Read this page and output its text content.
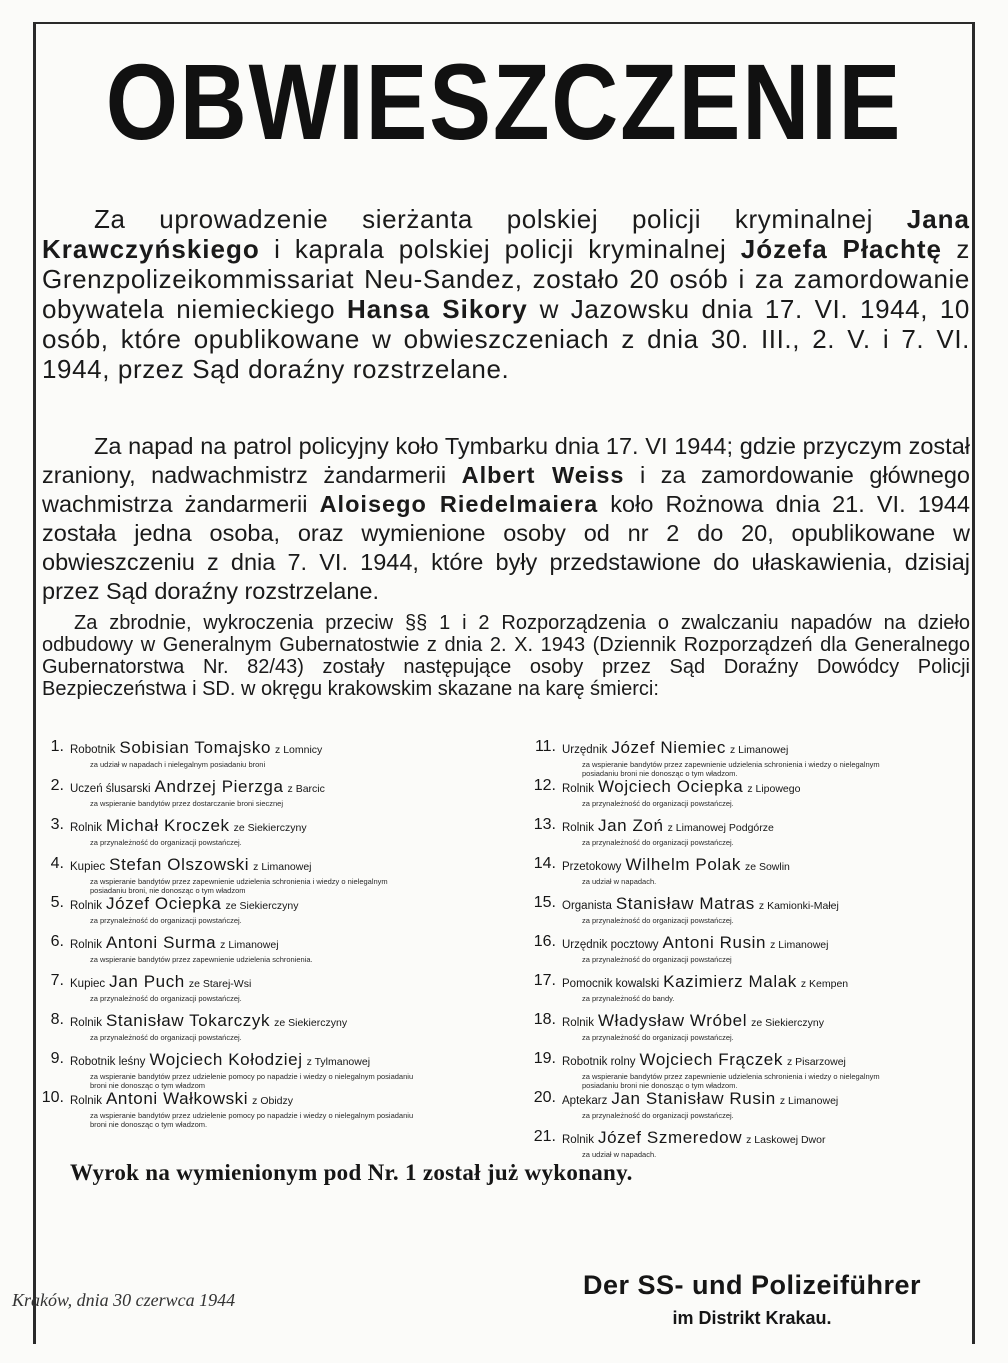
OBWIESZCZENIE
Za uprowadzenie sierżanta polskiej policji kryminalnej Jana Krawczyńskiego i kaprala polskiej policji kryminalnej Józefa Płachtę z Grenzpolizeikommissariat Neu-Sandez, zostało 20 osób i za zamordowanie obywatela niemieckiego Hansa Sikory w Jazowsku dnia 17. VI. 1944, 10 osób, które opublikowane w obwieszczeniach z dnia 30. III., 2. V. i 7. VI. 1944, przez Sąd doraźny rozstrzelane.
Za napad na patrol policyjny koło Tymbarku dnia 17. VI 1944; gdzie przyczym został zraniony, nadwachmistrz żandarmerii Albert Weiss i za zamordowanie głównego wachmistrza żandarmerii Aloisego Riedelmaiera koło Rożnowa dnia 21. VI. 1944 została jedna osoba, oraz wymienione osoby od nr 2 do 20, opublikowane w obwieszczeniu z dnia 7. VI. 1944, które były przedstawione do ułaskawienia, dzisiaj przez Sąd doraźny rozstrzelane.
Za zbrodnie, wykroczenia przeciw §§ 1 i 2 Rozporządzenia o zwalczaniu napadów na dzieło odbudowy w Generalnym Gubernatostwie z dnia 2. X. 1943 (Dziennik Rozporządzeń dla Generalnego Gubernatorstwa Nr. 82/43) zostały następujące osoby przez Sąd Doraźny Dowódcy Policji Bezpieczeństwa i SD. w okręgu krakowskim skazane na karę śmierci:
1. Robotnik Sobisian Tomajsko z Lomnicy
za udział w napadach i nielegalnym posiadaniu broni
2. Uczeń ślusarski Andrzej Pierzga z Barcic
za wspieranie bandytów przez dostarczanie broni siecznej
3. Rolnik Michał Kroczek ze Siekierczyny
za przynależność do organizacji powstańczej.
4. Kupiec Stefan Olszowski z Limanowej
za wspieranie bandytów przez zapewnienie udzielenia schronienia i wiedzy o nielegalnym posiadaniu broni, nie donosząc o tym władzom
5. Rolnik Józef Ociepka ze Siekierczyny
za przynależność do organizacji powstańczej.
6. Rolnik Antoni Surma z Limanowej
za wspieranie bandytów przez zapewnienie udzielenia schronienia.
7. Kupiec Jan Puch ze Starej-Wsi
za przynależność do organizacji powstańczej.
8. Rolnik Stanisław Tokarczyk ze Siekierczyny
za przynależność do organizacji powstańczej.
9. Robotnik leśny Wojciech Kołodziej z Tylmanowej
za wspieranie bandytów przez udzielenie pomocy po napadzie i wiedzy o nielegalnym posiadaniu broni nie donosząc o tym władzom
10. Rolnik Antoni Wałkowski z Obidzy
za wspieranie bandytów przez udzielenie pomocy po napadzie i wiedzy o nielegalnym posiadaniu broni nie donosząc o tym władzom.
11. Urzędnik Józef Niemiec z Limanowej
za wspieranie bandytów przez zapewnienie udzielenia schronienia i wiedzy o nielegalnym posiadaniu broni nie donosząc o tym władzom.
12. Rolnik Wojciech Ociepka z Lipowego
za przynależność do organizacji powstańczej.
13. Rolnik Jan Zoń z Limanowej Podgórze
za przynależność do organizacji powstańczej.
14. Przetokowy Wilhelm Polak ze Sowlin
za udział w napadach.
15. Organista Stanisław Matras z Kamionki-Małej
za przynależność do organizacji powstańczej.
16. Urzędnik pocztowy Antoni Rusin z Limanowej
za przynależność do organizacji powstańczej
17. Pomocnik kowalski Kazimierz Malak z Kempen
za przynależność do bandy.
18. Rolnik Władysław Wróbel ze Siekierczyny
za przynależność do organizacji powstańczej.
19. Robotnik rolny Wojciech Frączek z Pisarzowej
za wspieranie bandytów przez zapewnienie udzielenia schronienia i wiedzy o nielegalnym posiadaniu broni nie donosząc o tym władzom.
20. Aptekarz Jan Stanisław Rusin z Limanowej
za przynależność do organizacji powstańczej.
21. Rolnik Józef Szmeredow z Laskowej Dwor
za udział w napadach.
Wyrok na wymienionym pod Nr. 1 został już wykonany.
Kraków, dnia 30 czerwca 1944	Der SS- und Polizeiführer
im Distrikt Krakau.
